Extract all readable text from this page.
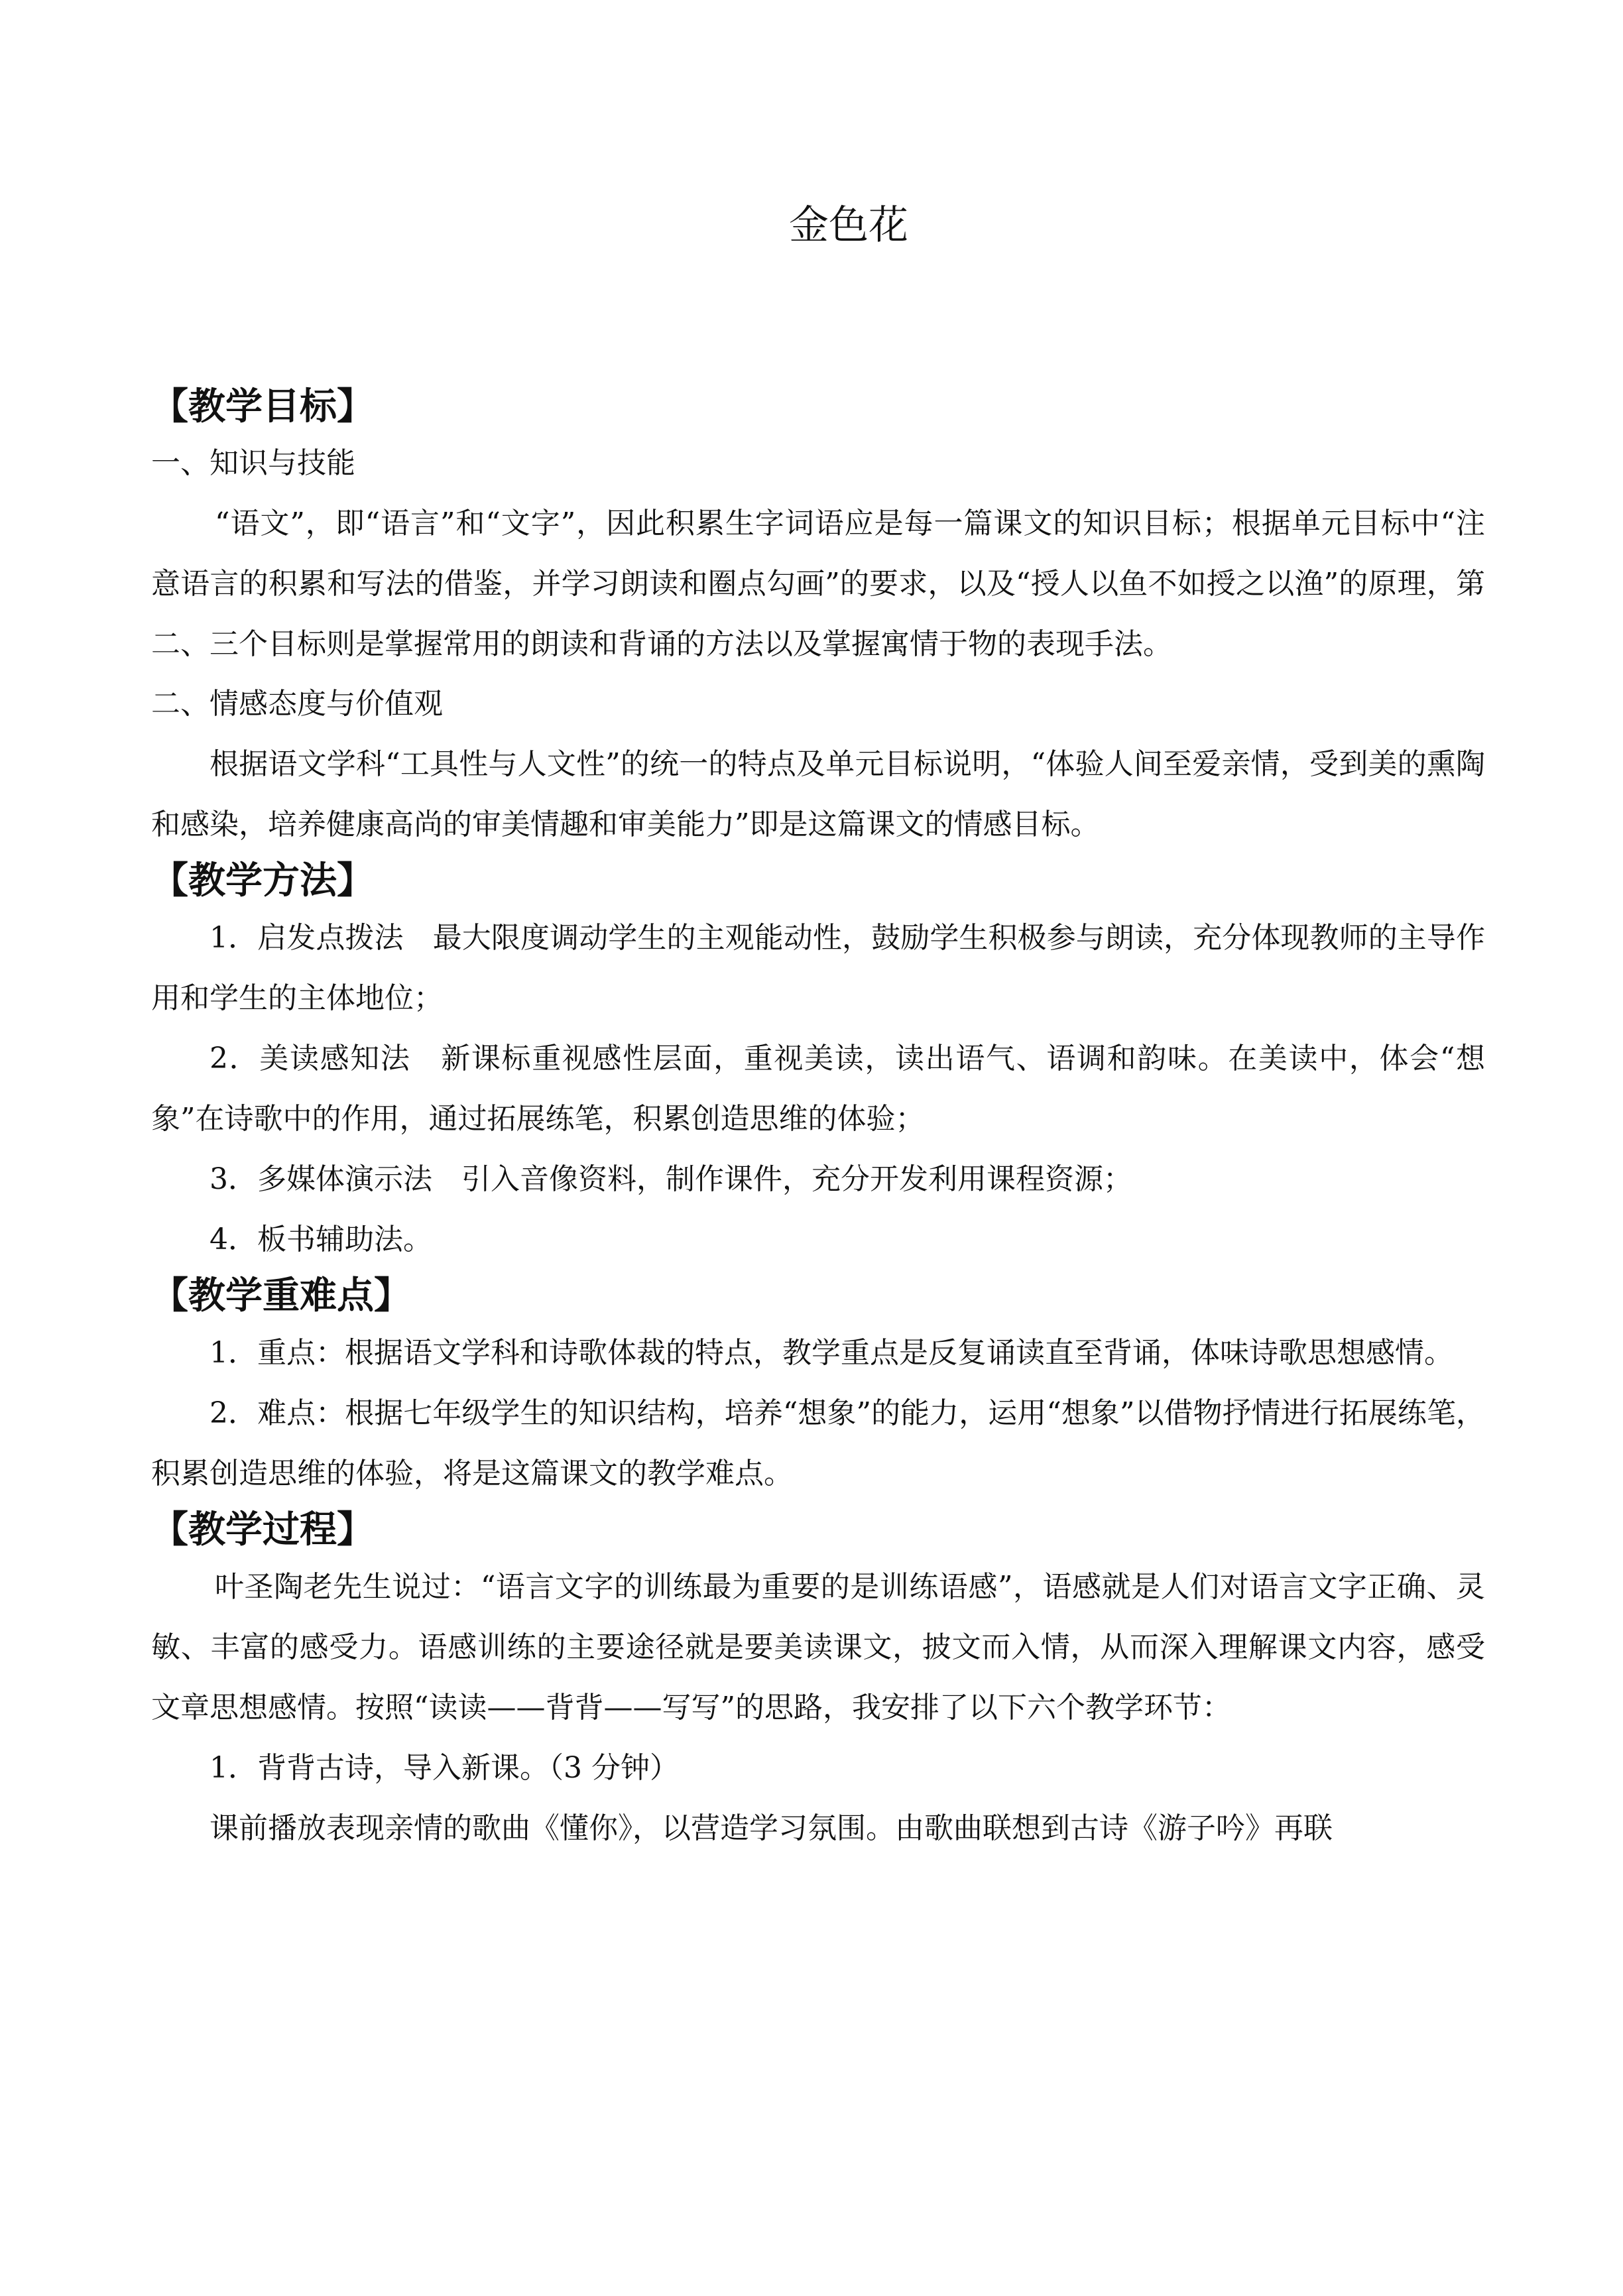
金色花
【教学目标】
一、知识与技能

“语文”，即“语言”和“文字”，因此积累生字词语应是每一篇课文的知识目标；根据单元目标中“注意语言的积累和写法的借鉴，并学习朗读和圈点勾画”的要求，以及“授人以鱼不如授之以渔”的原理，第二、三个目标则是掌握常用的朗读和背诵的方法以及掌握寓情于物的表现手法。

二、情感态度与价值观

根据语文学科“工具性与人文性”的统一的特点及单元目标说明，“体验人间至爱亲情，受到美的熏陶和感染，培养健康高尚的审美情趣和审美能力”即是这篇课文的情感目标。

【教学方法】

1．启发点拨法　最大限度调动学生的主观能动性，鼓励学生积极参与朗读，充分体现教师的主导作用和学生的主体地位；

2．美读感知法　新课标重视感性层面，重视美读，读出语气、语调和韵味。在美读中，体会“想象”在诗歌中的作用，通过拓展练笔，积累创造思维的体验；

3．多媒体演示法　引入音像资料，制作课件，充分开发利用课程资源；

4．板书辅助法。

【教学重难点】

1．重点：根据语文学科和诗歌体裁的特点，教学重点是反复诵读直至背诵，体味诗歌思想感情。

2．难点：根据七年级学生的知识结构，培养“想象”的能力，运用“想象”以借物抒情进行拓展练笔，积累创造思维的体验，将是这篇课文的教学难点。

【教学过程】

叶圣陶老先生说过：“语言文字的训练最为重要的是训练语感”，语感就是人们对语言文字正确、灵敏、丰富的感受力。语感训练的主要途径就是要美读课文，披文而入情，从而深入理解课文内容，感受文章思想感情。按照“读读——背背——写写”的思路，我安排了以下六个教学环节：

1．背背古诗，导入新课。（3 分钟）

课前播放表现亲情的歌曲《懂你》，以营造学习氛围。由歌曲联想到古诗《游子吟》再联
